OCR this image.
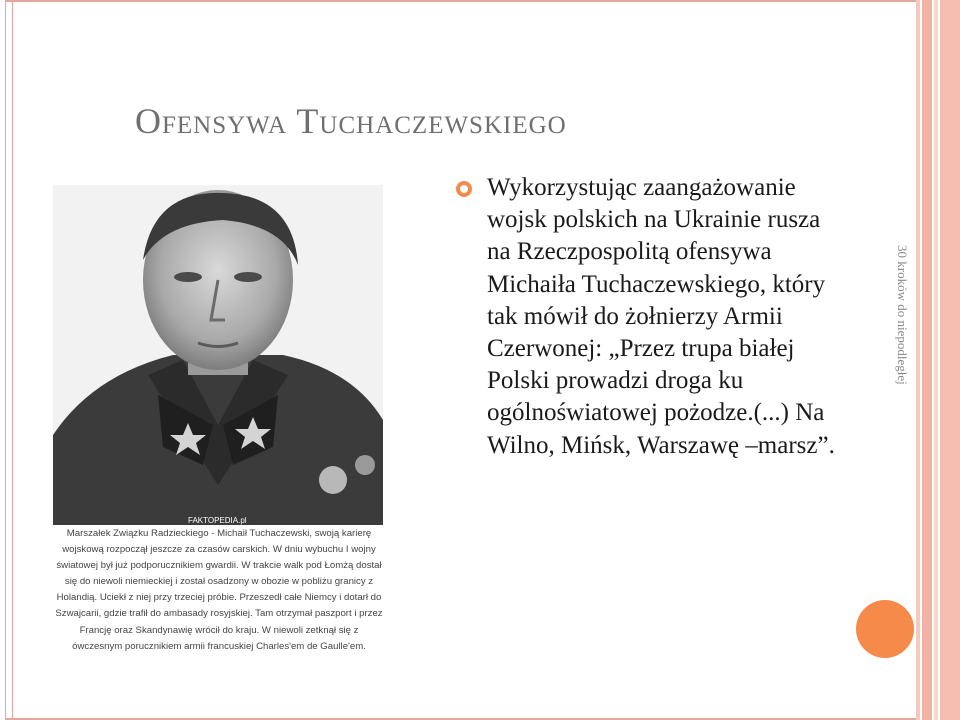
30 kroków do niepodległej
Ofensywa Tuchaczewskiego
FAKTOPEDIA.pl
Marszałek Związku Radzieckiego - Michaił Tuchaczewski, swoją karierę wojskową rozpoczął jeszcze za czasów carskich. W dniu wybuchu I wojny światowej był już podporucznikiem gwardii. W trakcie walk pod Łomżą dostał się do niewoli niemieckiej i został osadzony w obozie w pobliżu granicy z Holandią. Uciekł z niej przy trzeciej próbie. Przeszedł całe Niemcy i dotarł do Szwajcarii, gdzie trafił do ambasady rosyjskiej. Tam otrzymał paszport i przez Francję oraz Skandynawię wrócił do kraju. W niewoli zetknął się z ówczesnym porucznikiem armii francuskiej Charles'em de Gaulle'em.

Wykorzystując zaangażowanie wojsk polskich na Ukrainie rusza na Rzeczpospolitą ofensywa Michaiła Tuchaczewskiego, który tak mówił do żołnierzy Armii Czerwonej: „Przez trupa białej Polski prowadzi droga ku ogólnoświatowej pożodze.(...) Na Wilno, Mińsk, Warszawę –marsz”.
